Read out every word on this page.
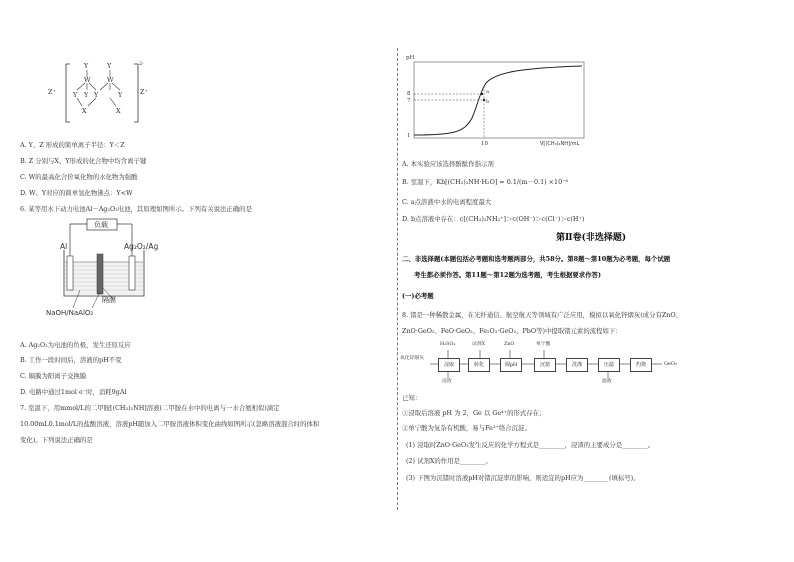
Y	Y
W	W
Y Y Y	Y
X	X
Z⁺	Z⁺
2-
A. Y、Z 形成的简单离子半径：Y＜Z
B. Z 分别与X、Y形成的化合物中均含离子键
C. W的最高化合价氧化物的水化物为强酸
D. W、Y对应的简单氢化物沸点：Y<W
6. 某等用水下动力电池Al－Ag₂O₂电池，其原理如图所示。下列有关说法正确的是
负载
Al	Ag₂O₂/Ag
隔膜
NaOH/NaAlO₂
A. Ag₂O₂为电池的负极，发生还原反应
B. 工作一段时间后，溶液的pH不变
C. 隔膜为阳离子交换膜
D. 电路中通过1mol e⁻时，消耗9gAl
7. 室温下，用mmol/L的二甲胺[(CH₃)₂NH]溶液(二甲胺在水中的电离与一水合氨相似)滴定
10.00mL0.1mol/L的盐酸溶液，溶液pH随加入二甲胺溶液体积变化曲线如图所示(忽略溶液混合时的体积
变化)。下列说法正确的是
pH
8
7
1
10	V[(CH₃)₂NH]/mL
a
b
A. 本实验应该选择酚酞作指示剂
B. 室温下，Kb[(CH₃)₂NH·H₂O] ≈ 0.1/(m－0.1) ×10⁻⁶
C. a点溶液中水的电离程度最大
D. b点溶液中存在：c[(CH₃)₂NH₂⁺]＞c(OH⁻)＞c(Cl⁻)＞c(H⁺)
第Ⅱ卷(非选择题)
二、非选择题(本题包括必考题和选考题两部分，共58分。第8题～第10题为必考题，每个试题
考生都必须作答。第11题～第12题为选考题，考生根据要求作答)
(一)必考题
8. 锗是一种稀散金属，在光纤通信、航空航天等领域有广泛应用，模拟以氧化锌烟灰(成分有ZnO、
ZnO·GeO₂、FeO·GeO₂、Fe₂O₃·GeO₂、PbO等)中提取锗元素的流程如下：
氧化锌烟灰
浸取	转化	调pH	沉锗	洗涤	压滤	灼烧	GeO₂
H₂SO₄	试剂X	ZnO	单宁酸
浸渣	滤液
已知：
①浸取后溶液 pH 为 2，Ge 以 Ge⁴⁺的形式存在；
②单宁酸为复杂有机酸，易与Fe³⁺络合沉淀。
(1) 浸取时ZnO·GeO₂发生反应的化学方程式是________，浸渣的主要成分是________。
(2) 试剂X的作用是________。
(3) 下图为沉锗时溶液pH对锗沉淀率的影响，则适宜的pH应为________(填标号)。
